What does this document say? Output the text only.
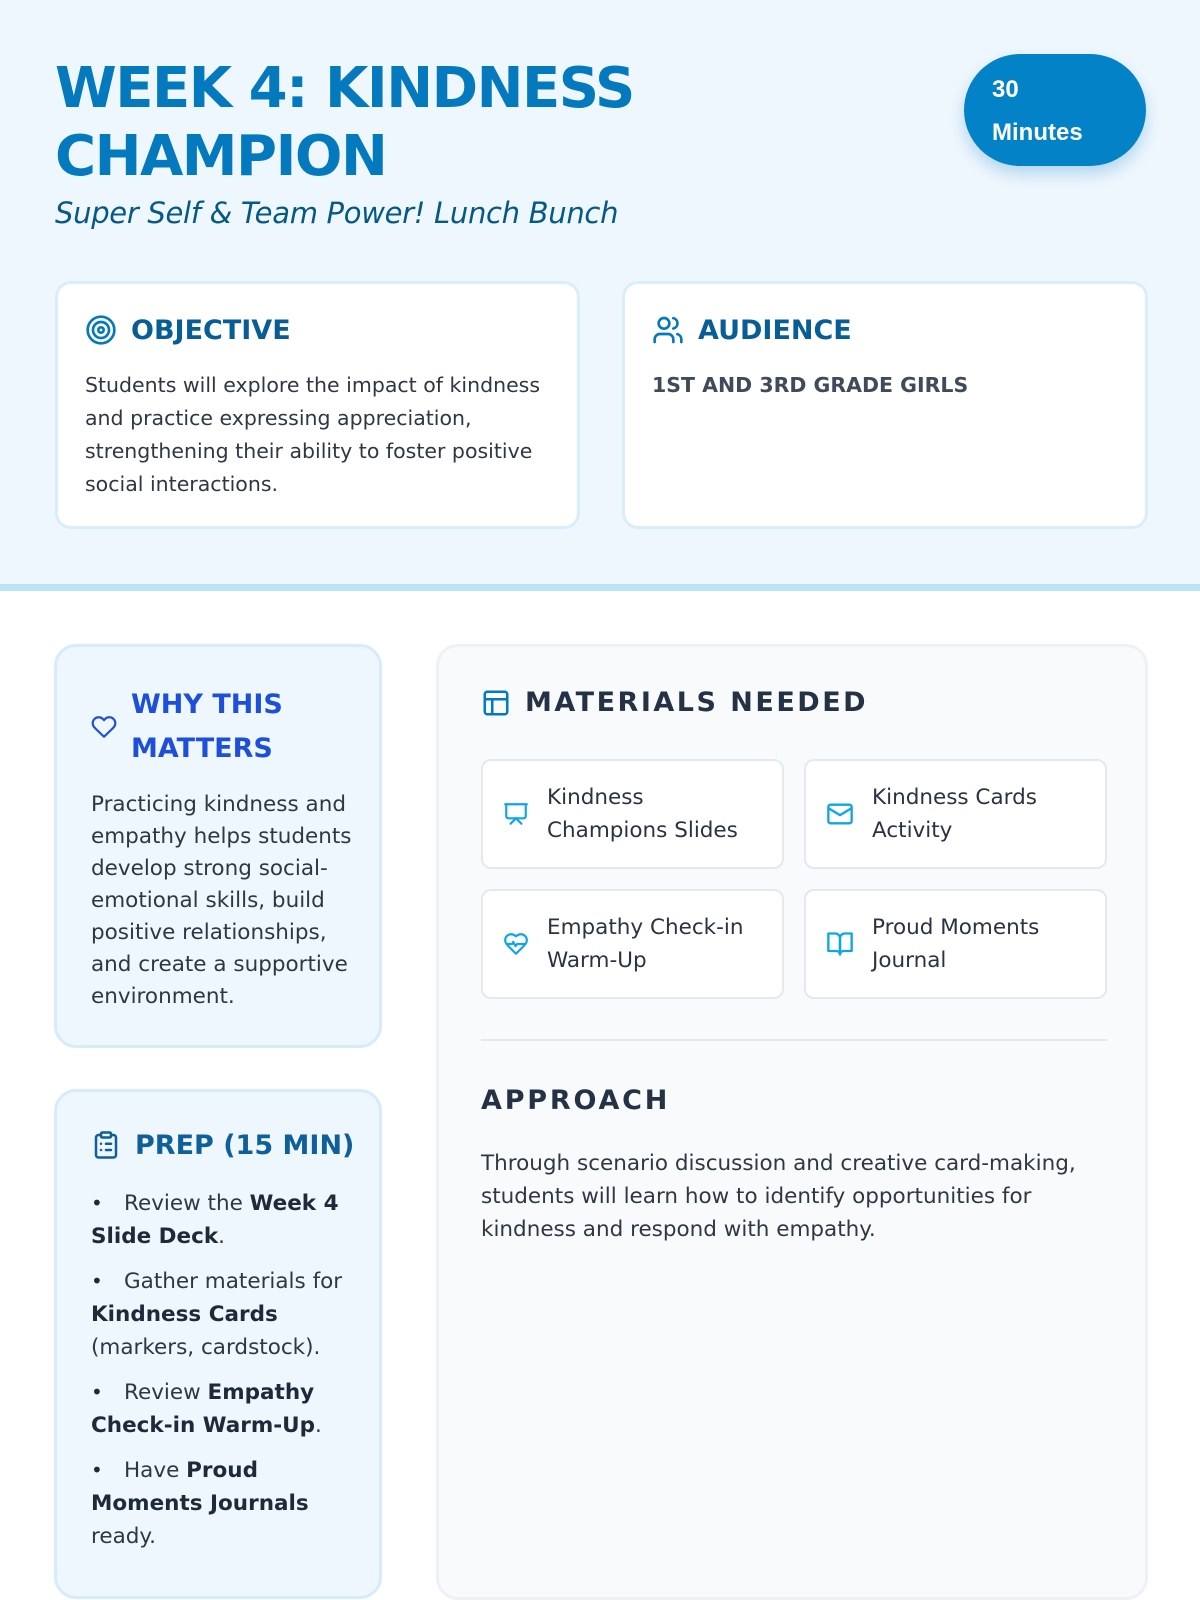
WEEK 4: KINDNESS CHAMPION
Super Self & Team Power! Lunch Bunch
30
Minutes
OBJECTIVE

Students will explore the impact of kindness and practice expressing appreciation, strengthening their ability to foster positive social interactions.

AUDIENCE

1ST AND 3RD GRADE GIRLS

WHY THIS MATTERS

Practicing kindness and empathy helps students develop strong social-emotional skills, build positive relationships, and create a supportive environment.

PREP (15 MIN)
• Review the Week 4 Slide Deck.
• Gather materials for Kindness Cards (markers, cardstock).
• Review Empathy Check-in Warm-Up.
• Have Proud Moments Journals ready.
MATERIALS NEEDED
Kindness Champions Slides
Kindness Cards Activity
Empathy Check-in Warm-Up
Proud Moments Journal
APPROACH

Through scenario discussion and creative card-making, students will learn how to identify opportunities for kindness and respond with empathy.
